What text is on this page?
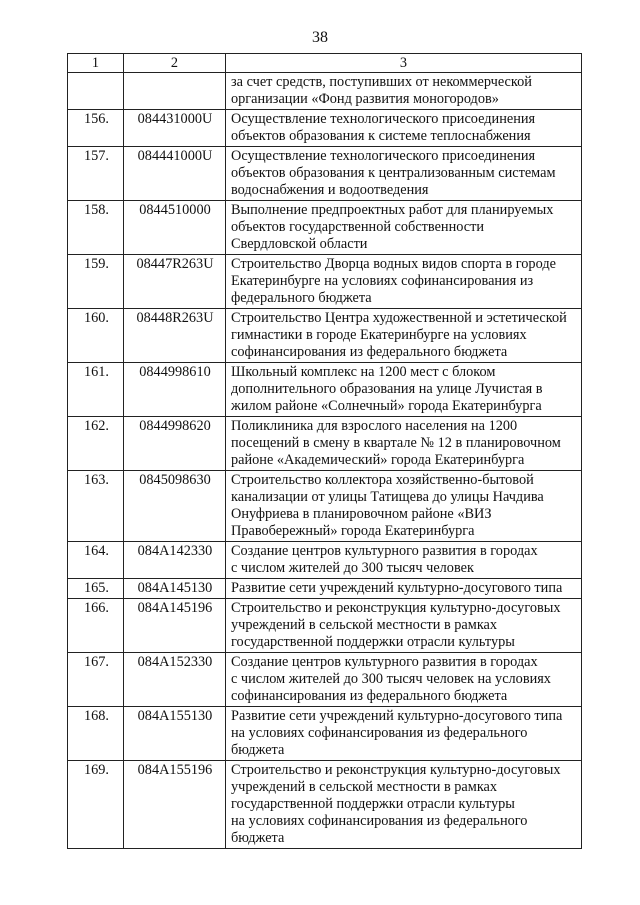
38
1	2	3
		за счет средств, поступивших от некоммерческой
организации «Фонд развития моногородов»
156.	084431000U	Осуществление технологического присоединения
объектов образования к системе теплоснабжения
157.	084441000U	Осуществление технологического присоединения
объектов образования к централизованным системам
водоснабжения и водоотведения
158.	0844510000	Выполнение предпроектных работ для планируемых
объектов государственной собственности
Свердловской области
159.	08447R263U	Строительство Дворца водных видов спорта в городе
Екатеринбурге на условиях софинансирования из
федерального бюджета
160.	08448R263U	Строительство Центра художественной и эстетической
гимнастики в городе Екатеринбурге на условиях
софинансирования из федерального бюджета
161.	0844998610	Школьный комплекс на 1200 мест с блоком
дополнительного образования на улице Лучистая в
жилом районе «Солнечный» города Екатеринбурга
162.	0844998620	Поликлиника для взрослого населения на 1200
посещений в смену в квартале № 12 в планировочном
районе «Академический» города Екатеринбурга
163.	0845098630	Строительство коллектора хозяйственно-бытовой
канализации от улицы Татищева до улицы Начдива
Онуфриева в планировочном районе «ВИЗ
Правобережный» города Екатеринбурга
164.	084А142330	Создание центров культурного развития в городах
с числом жителей до 300 тысяч человек
165.	084А145130	Развитие сети учреждений культурно-досугового типа
166.	084А145196	Строительство и реконструкция культурно-досуговых
учреждений в сельской местности в рамках
государственной поддержки отрасли культуры
167.	084А152330	Создание центров культурного развития в городах
с числом жителей до 300 тысяч человек на условиях
софинансирования из федерального бюджета
168.	084А155130	Развитие сети учреждений культурно-досугового типа
на условиях софинансирования из федерального
бюджета
169.	084А155196	Строительство и реконструкция культурно-досуговых
учреждений в сельской местности в рамках
государственной поддержки отрасли культуры
на условиях софинансирования из федерального
бюджета
